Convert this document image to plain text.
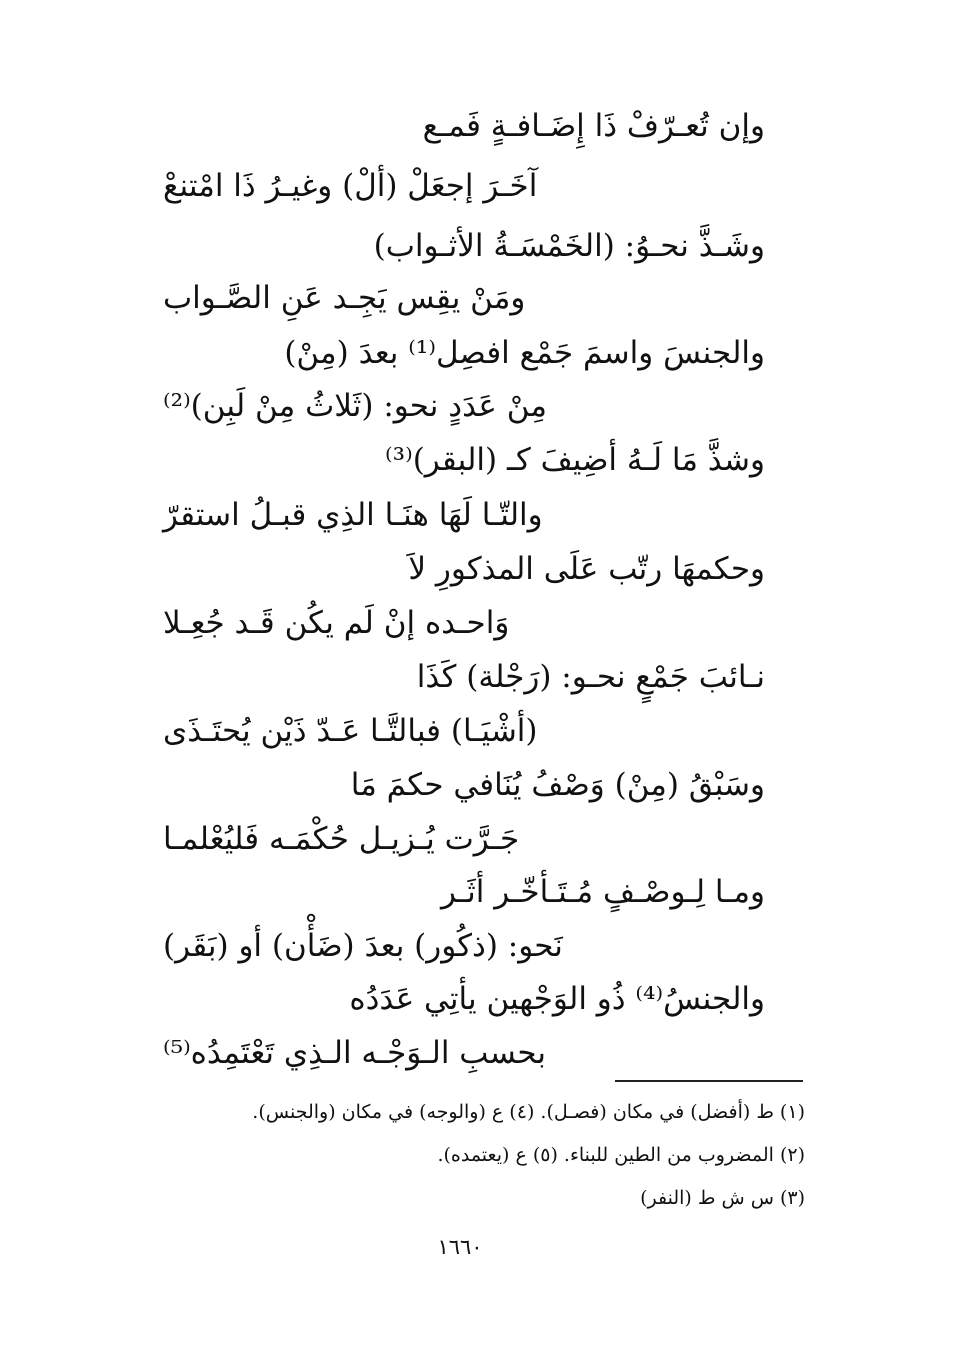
وإن تُعـرّفْ ذَا إِضَـافـةٍ فَمـع
آخَـرَ إجعَلْ (ألْ) وغيـرُ ذَا امْتنعْ
وشَـذَّ نحـوُ: (الخَمْسَـةُ الأثـواب)
ومَنْ يقِس يَجِـد عَنِ الصَّـواب
والجنسَ واسمَ جَمْع افصِل⁽¹⁾ بعدَ (مِنْ)
مِنْ عَدَدٍ نحو: (ثَلاثُ مِنْ لَبِن)⁽²⁾
وشذَّ مَا لَـهُ أضِيفَ كـ (البقر)⁽³⁾
والتّـا لَهَا هنَـا الذِي قبـلُ استقرّ
وحكمهَا رتّب عَلَى المذكورِ لاَ
وَاحـده إنْ لَم يكُن قَـد جُعِـلا
نـائبَ جَمْعٍ نحـو: (رَجْلة) كَذَا
(أشْيَـا) فبالتَّـا عَـدّ ذَيْن يُحتَـذَى
وسَبْقُ (مِنْ) وَصْفُ يُنَافي حكمَ مَا
جَـرَّت يُـزيـل حُكْمَـه فَليُعْلمـا
ومـا لِـوصْـفٍ مُـتَـأخّـر أثَـر
نَحو: (ذكُور) بعدَ (ضَأْن) أو (بَقَر)
والجنسُ⁽⁴⁾ ذُو الوَجْهين يأتِي عَدَدُه
بحسبِ الـوَجْـه الـذِي تَعْتَمِدُه⁽⁵⁾
(١) ط (أفضل) في مكان (فصـل). (٤) ع (والوجه) في مكان (والجنس).
(٢) المضروب من الطين للبناء. (٥) ع (يعتمده).
(٣) س ش ط (النفر)
١٦٦٠
